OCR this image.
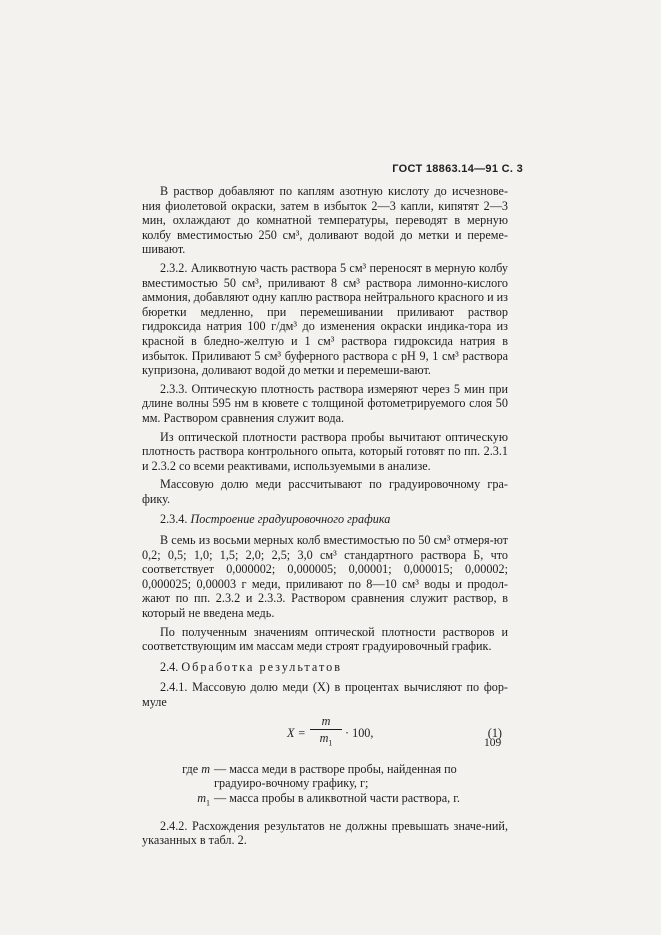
ГОСТ 18863.14—91 С. 3

В раствор добавляют по каплям азотную кислоту до исчезнове-ния фиолетовой окраски, затем в избыток 2—3 капли, кипятят 2—3 мин, охлаждают до комнатной температуры, переводят в мерную колбу вместимостью 250 см³, доливают водой до метки и переме-шивают.

2.3.2. Аликвотную часть раствора 5 см³ переносят в мерную колбу вместимостью 50 см³, приливают 8 см³ раствора лимонно-кислого аммония, добавляют одну каплю раствора нейтрального красного и из бюретки медленно, при перемешивании приливают раствор гидроксида натрия 100 г/дм³ до изменения окраски индика-тора из красной в бледно-желтую и 1 см³ раствора гидроксида натрия в избыток. Приливают 5 см³ буферного раствора с pH 9, 1 см³ раствора купризона, доливают водой до метки и перемеши-вают.

2.3.3. Оптическую плотность раствора измеряют через 5 мин при длине волны 595 нм в кювете с толщиной фотометрируемого слоя 50 мм. Раствором сравнения служит вода.

Из оптической плотности раствора пробы вычитают оптическую плотность раствора контрольного опыта, который готовят по пп. 2.3.1 и 2.3.2 со всеми реактивами, используемыми в анализе.

Массовую долю меди рассчитывают по градуировочному гра-фику.

2.3.4. Построение градуировочного графика

В семь из восьми мерных колб вместимостью по 50 см³ отмеря-ют 0,2; 0,5; 1,0; 1,5; 2,0; 2,5; 3,0 см³ стандартного раствора Б, что соответствует 0,000002; 0,000005; 0,00001; 0,000015; 0,00002; 0,000025; 0,00003 г меди, приливают по 8—10 см³ воды и продол-жают по пп. 2.3.2 и 2.3.3. Раствором сравнения служит раствор, в который не введена медь.

По полученным значениям оптической плотности растворов и соответствующим им массам меди строят градуировочный график.

2.4. Обработка результатов

2.4.1. Массовую долю меди (X) в процентах вычисляют по фор-муле

$X = \frac{m}{m_1} \cdot 100$,	(1)
где m — масса меди в растворе пробы, найденная по градуиро-вочному графику, г;
$m_1$ — масса пробы в аликвотной части раствора, г.

2.4.2. Расхождения результатов не должны превышать значе-ний, указанных в табл. 2.

109
